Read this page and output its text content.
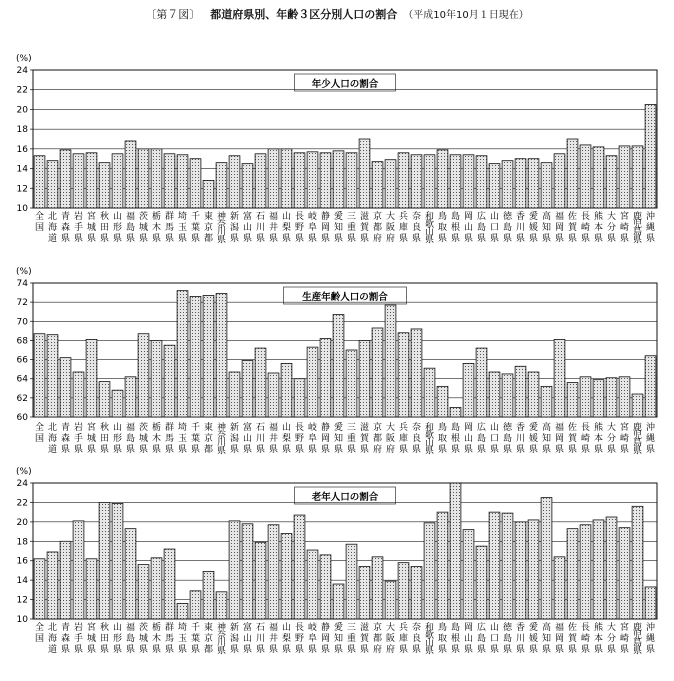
〔第７図〕 都道府県別、年齢３区分別人口の割合 （平成10年10月１日現在）
(%)
10
12
14
16
18
20
22
24
年少人口の割合
全国
北海道
青森県
岩手県
宮城県
秋田県
山形県
福島県
茨城県
栃木県
群馬県
埼玉県
千葉県
東京都
神奈川県
新潟県
富山県
石川県
福井県
山梨県
長野県
岐阜県
静岡県
愛知県
三重県
滋賀県
京都府
大阪府
兵庫県
奈良県
和歌山県
鳥取県
島根県
岡山県
広島県
山口県
徳島県
香川県
愛媛県
高知県
福岡県
佐賀県
長崎県
熊本県
大分県
宮崎県
鹿児島県
沖縄県
(%)
60
62
64
66
68
70
72
74
生産年齢人口の割合
全国
北海道
青森県
岩手県
宮城県
秋田県
山形県
福島県
茨城県
栃木県
群馬県
埼玉県
千葉県
東京都
神奈川県
新潟県
富山県
石川県
福井県
山梨県
長野県
岐阜県
静岡県
愛知県
三重県
滋賀県
京都府
大阪府
兵庫県
奈良県
和歌山県
鳥取県
島根県
岡山県
広島県
山口県
徳島県
香川県
愛媛県
高知県
福岡県
佐賀県
長崎県
熊本県
大分県
宮崎県
鹿児島県
沖縄県
(%)
10
12
14
16
18
20
22
24
老年人口の割合
全国
北海道
青森県
岩手県
宮城県
秋田県
山形県
福島県
茨城県
栃木県
群馬県
埼玉県
千葉県
東京都
神奈川県
新潟県
富山県
石川県
福井県
山梨県
長野県
岐阜県
静岡県
愛知県
三重県
滋賀県
京都府
大阪府
兵庫県
奈良県
和歌山県
鳥取県
島根県
岡山県
広島県
山口県
徳島県
香川県
愛媛県
高知県
福岡県
佐賀県
長崎県
熊本県
大分県
宮崎県
鹿児島県
沖縄県
